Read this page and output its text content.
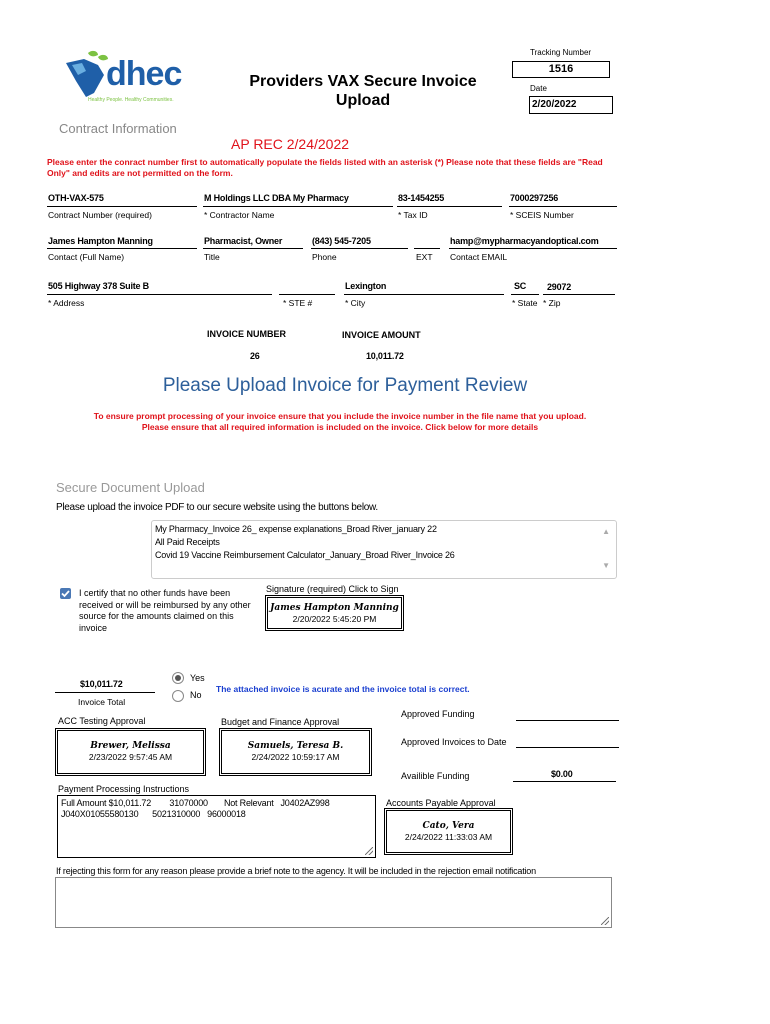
dhec
Healthy People. Healthy Communities.
Providers VAX Secure Invoice
Upload
Tracking Number
1516
Date
2/20/2022
Contract Information
AP REC 2/24/2022
Please enter the conract number first to automatically populate the fields listed with an asterisk (*) Please note that these fields are "Read Only" and edits are not permitted on the form.
OTH-VAX-575
Contract Number (required)
M Holdings LLC DBA My Pharmacy
* Contractor Name
83-1454255
* Tax ID
7000297256
* SCEIS Number
James Hampton Manning
Contact (Full Name)
Pharmacist, Owner
Title
(843) 545-7205
Phone	EXT
hamp@mypharmacyandoptical.com
Contact EMAIL
505 Highway 378 Suite B
* Address	* STE #
Lexington
* City
SC
* State
29072
* Zip
INVOICE NUMBER
26
INVOICE AMOUNT
10,011.72
Please Upload Invoice for Payment Review
To ensure prompt processing of your invoice ensure that you include the invoice number in the file name that you upload.
Please ensure that all required information is included on the invoice. Click below for more details
Secure Document Upload
Please upload the invoice PDF to our secure website using the buttons below.
My Pharmacy_Invoice 26_ expense explanations_Broad River_january 22
All Paid Receipts
Covid 19 Vaccine Reimbursement Calculator_January_Broad River_Invoice 26
▲
▼
I certify that no other funds have been received or will be reimbursed by any other source for the amounts claimed on this invoice
Signature (required) Click to Sign
James Hampton Manning
2/20/2022 5:45:20 PM
$10,011.72
Invoice Total
Yes
No
The attached invoice is acurate and the invoice total is correct.
ACC Testing Approval
Brewer, Melissa
2/23/2022 9:57:45 AM
Budget and Finance Approval
Samuels, Teresa B.
2/24/2022 10:59:17 AM
Approved Funding
Approved Invoices to Date
Availible Funding	$0.00
Payment Processing Instructions
Full Amount $10,011.72        31070000       Not Relevant   J0402AZ998
J040X01055580130      5021310000   96000018
Accounts Payable Approval
Cato, Vera
2/24/2022 11:33:03 AM
If rejecting this form for any reason please provide a brief note to the agency. It will be included in the rejection email notification
